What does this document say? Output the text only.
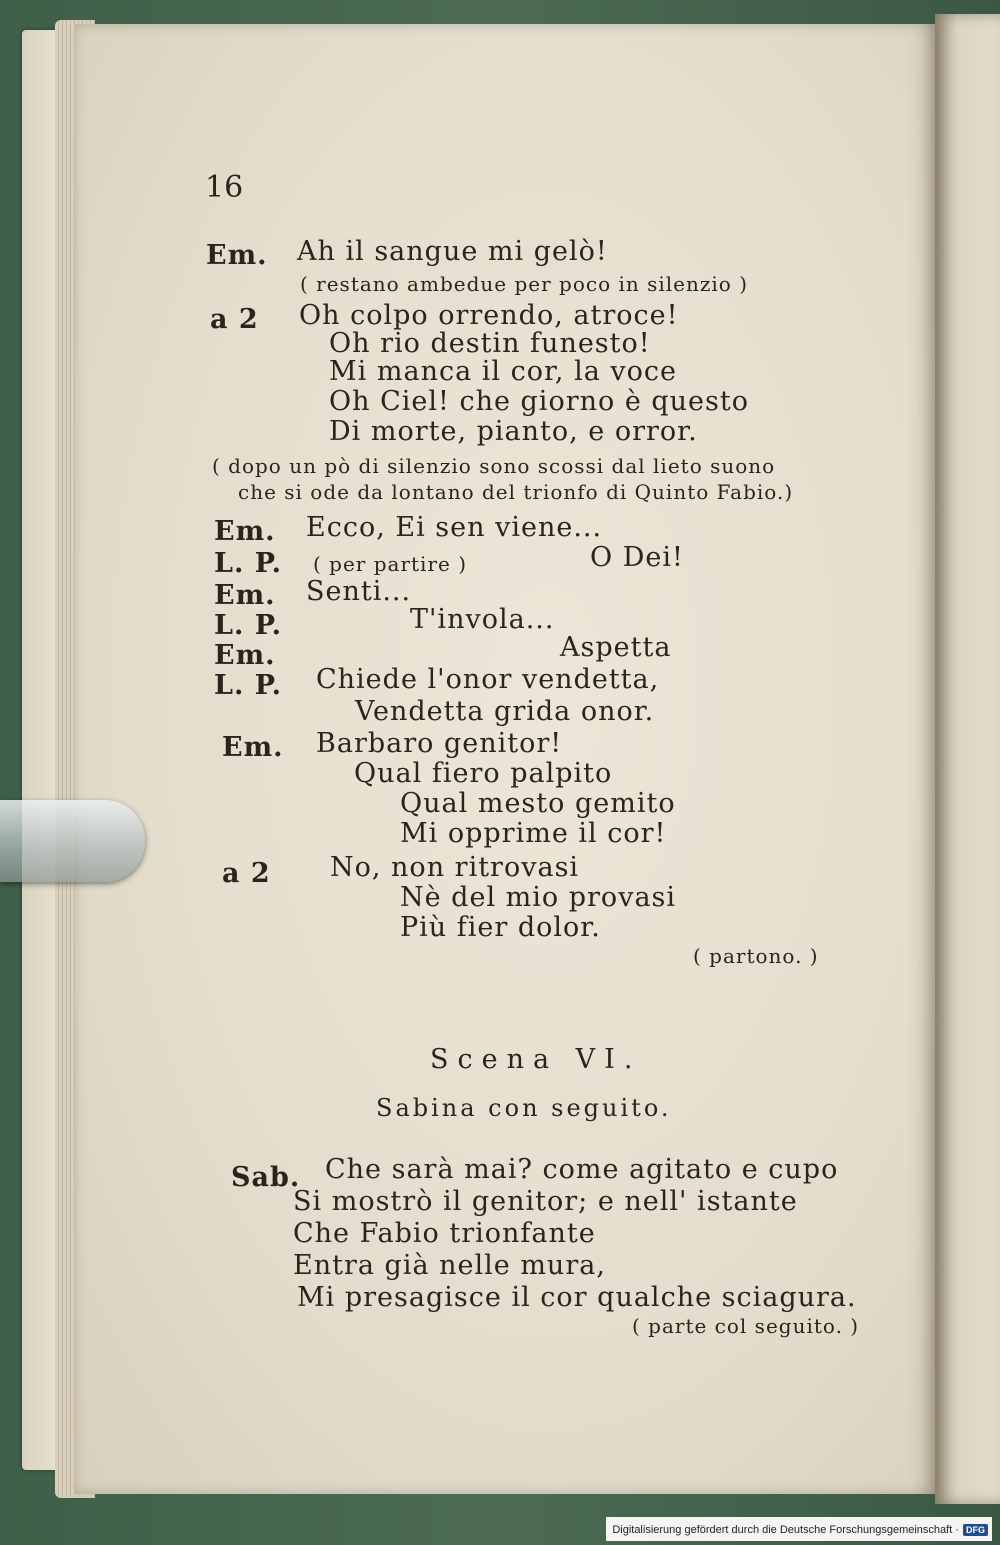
16
Em. Ah il sangue mi gelò!
( restano ambedue per poco in silenzio )
a 2 Oh colpo orrendo, atroce!
Oh rio destin funesto!
Mi manca il cor, la voce
Oh Ciel! che giorno è questo
Di morte, pianto, e orror.
( dopo un pò di silenzio sono scossi dal lieto suono
che si ode da lontano del trionfo di Quinto Fabio.)
Em. Ecco, Ei sen viene...
L. P. ( per partire )	O Dei!
Em. Senti...
L. P.	T'invola...
Em.	Aspetta
L. P. Chiede l'onor vendetta,
Vendetta grida onor.
Em. Barbaro genitor!
Qual fiero palpito
Qual mesto gemito
Mi opprime il cor!
a 2 No, non ritrovasi
Nè del mio provasi
Più fier dolor.
( partono. )
Scena VI.
Sabina con seguito.
Sab. Che sarà mai? come agitato e cupo
Si mostrò il genitor; e nell' istante
Che Fabio trionfante
Entra già nelle mura,
Mi presagisce il cor qualche sciagura.
( parte col seguito. )
Digitalisierung gefördert durch die Deutsche Forschungsgemeinschaft · DFG
